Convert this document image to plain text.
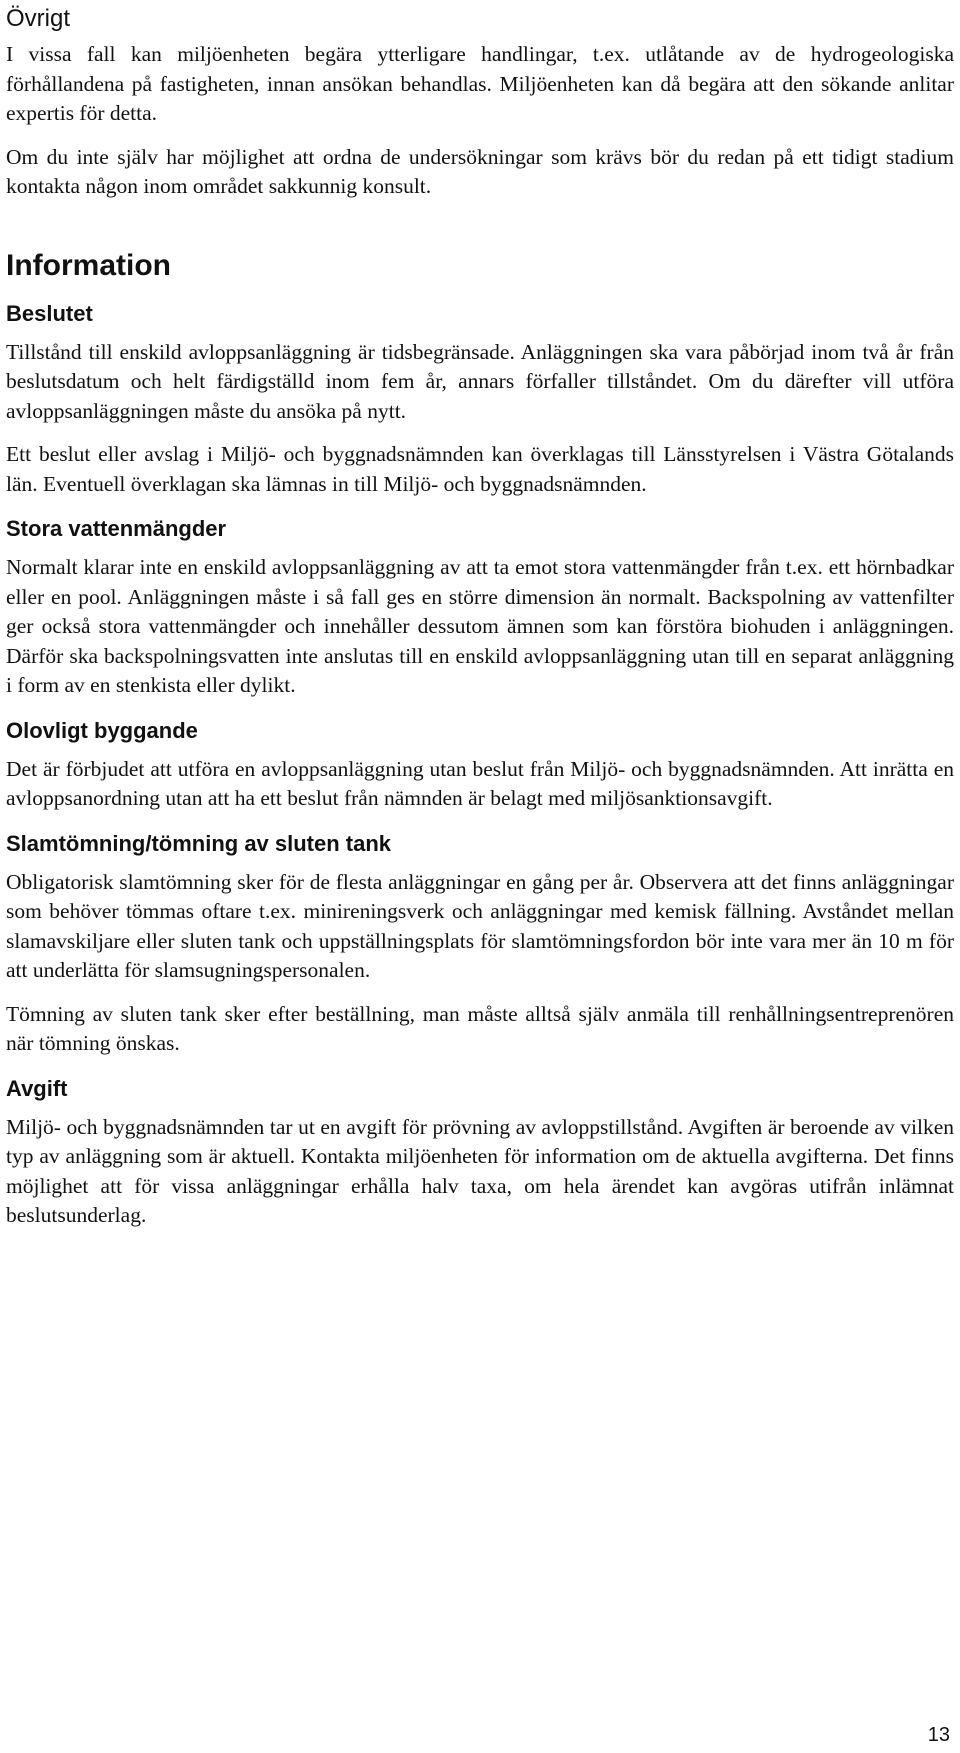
Övrigt

I vissa fall kan miljöenheten begära ytterligare handlingar, t.ex. utlåtande av de hydrogeologiska förhållandena på fastigheten, innan ansökan behandlas. Miljöenheten kan då begära att den sökande anlitar expertis för detta.

Om du inte själv har möjlighet att ordna de undersökningar som krävs bör du redan på ett tidigt stadium kontakta någon inom området sakkunnig konsult.

Information
Beslutet

Tillstånd till enskild avloppsanläggning är tidsbegränsade. Anläggningen ska vara påbörjad inom två år från beslutsdatum och helt färdigställd inom fem år, annars förfaller tillståndet. Om du därefter vill utföra avloppsanläggningen måste du ansöka på nytt.

Ett beslut eller avslag i Miljö- och byggnadsnämnden kan överklagas till Länsstyrelsen i Västra Götalands län. Eventuell överklagan ska lämnas in till Miljö- och byggnadsnämnden.

Stora vattenmängder

Normalt klarar inte en enskild avloppsanläggning av att ta emot stora vattenmängder från t.ex. ett hörnbadkar eller en pool. Anläggningen måste i så fall ges en större dimension än normalt. Backspolning av vattenfilter ger också stora vattenmängder och innehåller dessutom ämnen som kan förstöra biohuden i anläggningen. Därför ska backspolningsvatten inte anslutas till en enskild avloppsanläggning utan till en separat anläggning i form av en stenkista eller dylikt.

Olovligt byggande

Det är förbjudet att utföra en avloppsanläggning utan beslut från Miljö- och byggnadsnämnden. Att inrätta en avloppsanordning utan att ha ett beslut från nämnden är belagt med miljösanktionsavgift.

Slamtömning/tömning av sluten tank

Obligatorisk slamtömning sker för de flesta anläggningar en gång per år. Observera att det finns anläggningar som behöver tömmas oftare t.ex. minireningsverk och anläggningar med kemisk fällning. Avståndet mellan slamavskiljare eller sluten tank och uppställningsplats för slamtömningsfordon bör inte vara mer än 10 m för att underlätta för slamsugningspersonalen.

Tömning av sluten tank sker efter beställning, man måste alltså själv anmäla till renhållningsentreprenören när tömning önskas.

Avgift

Miljö- och byggnadsnämnden tar ut en avgift för prövning av avloppstillstånd. Avgiften är beroende av vilken typ av anläggning som är aktuell. Kontakta miljöenheten för information om de aktuella avgifterna. Det finns möjlighet att för vissa anläggningar erhålla halv taxa, om hela ärendet kan avgöras utifrån inlämnat beslutsunderlag.

13
